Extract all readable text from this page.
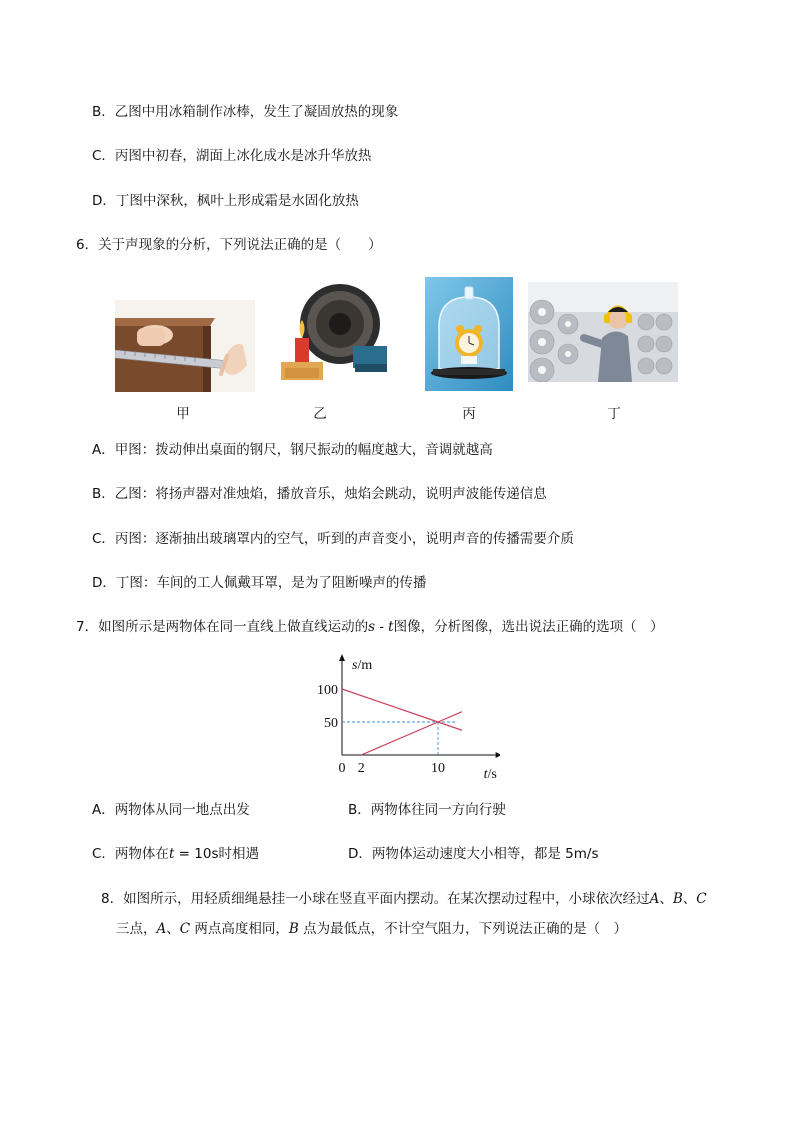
B．乙图中用冰箱制作冰棒，发生了凝固放热的现象
C．丙图中初春，湖面上冰化成水是冰升华放热
D．丁图中深秋，枫叶上形成霜是水固化放热
6．关于声现象的分析，下列说法正确的是（　　）
甲	乙	丙	丁
A．甲图：拨动伸出桌面的钢尺，钢尺振动的幅度越大，音调就越高
B．乙图：将扬声器对准烛焰，播放音乐，烛焰会跳动，说明声波能传递信息
C．丙图：逐渐抽出玻璃罩内的空气，听到的声音变小，说明声音的传播需要介质
D．丁图：车间的工人佩戴耳罩，是为了阻断噪声的传播
7．如图所示是两物体在同一直线上做直线运动的s - t图像，分析图像，选出说法正确的选项（　）
0 2	10
100
50
s/m
t/s
A．两物体从同一地点出发	B．两物体往同一方向行驶
C．两物体在t = 10s时相遇	D．两物体运动速度大小相等，都是 5m/s
8．如图所示，用轻质细绳悬挂一小球在竖直平面内摆动。在某次摆动过程中，小球依次经过A、B、C
三点，A、C 两点高度相同，B 点为最低点，不计空气阻力，下列说法正确的是（　）
